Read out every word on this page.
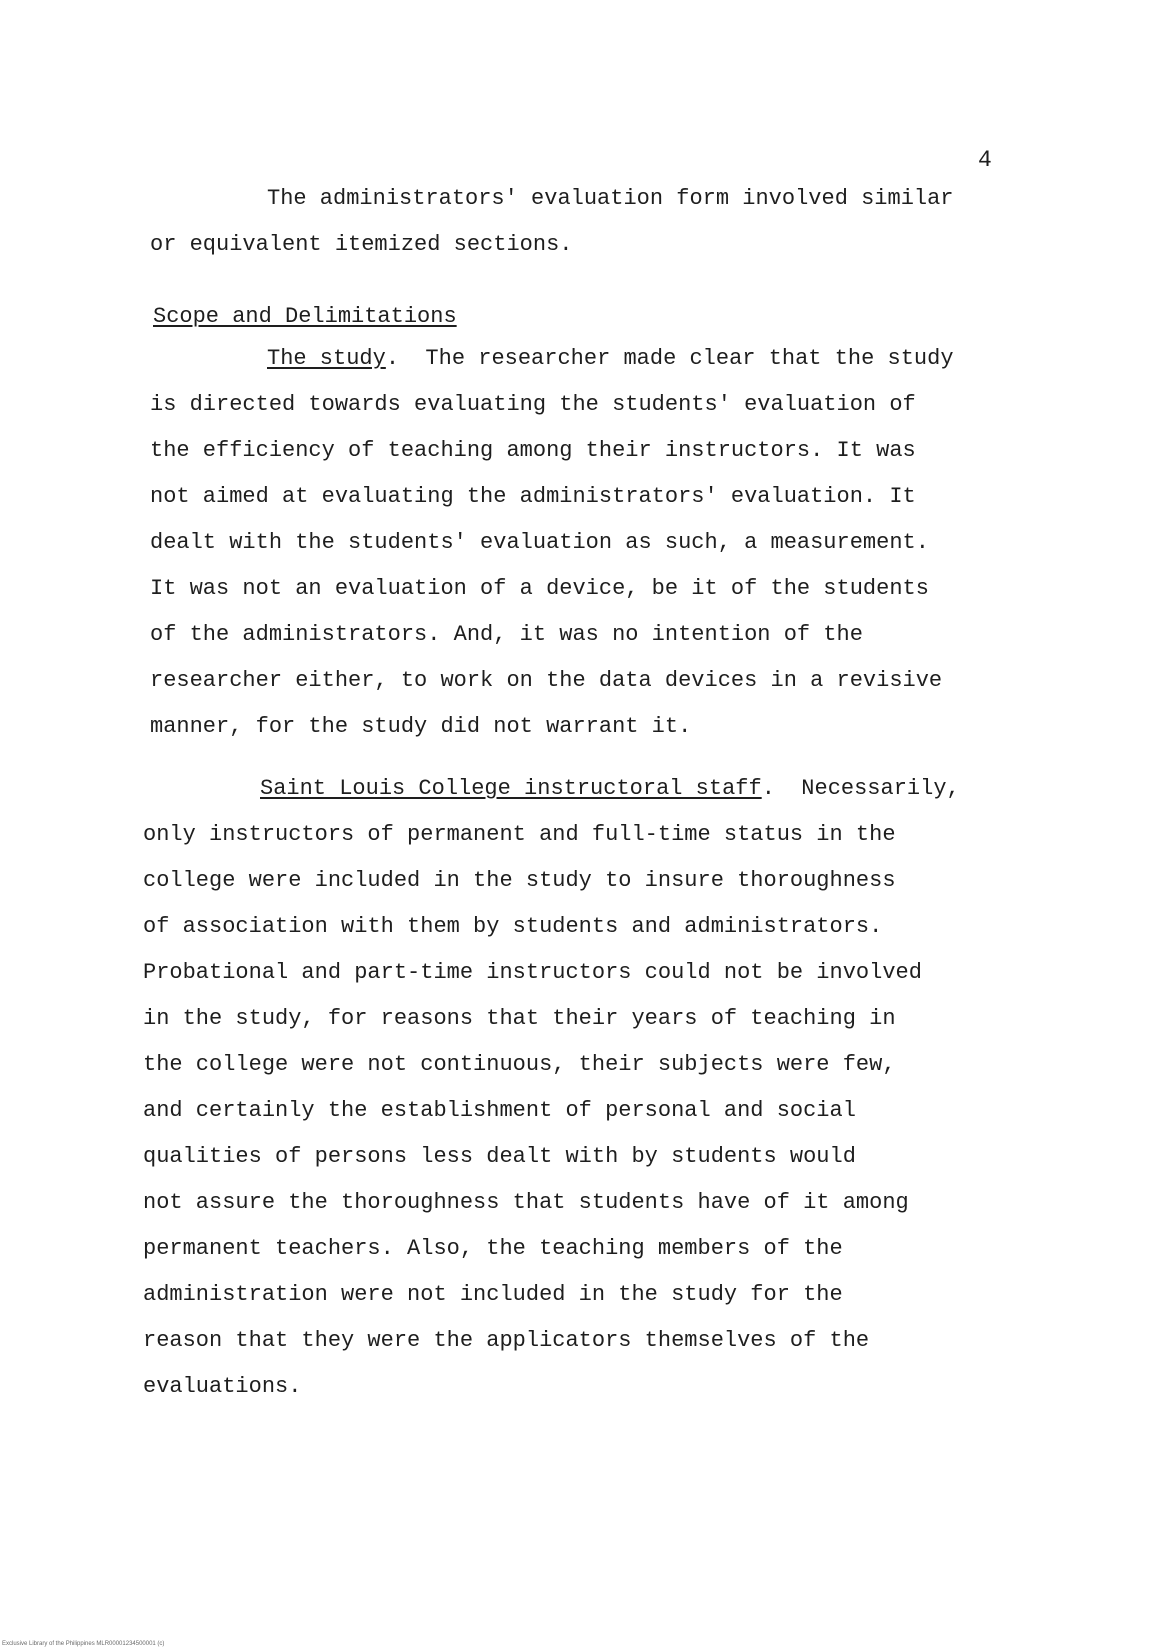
4
The administrators' evaluation form involved similar
or equivalent itemized sections.
Scope and Delimitations
The study.  The researcher made clear that the study
is directed towards evaluating the students' evaluation of
the efficiency of teaching among their instructors. It was
not aimed at evaluating the administrators' evaluation. It
dealt with the students' evaluation as such, a measurement.
It was not an evaluation of a device, be it of the students
of the administrators. And, it was no intention of the
researcher either, to work on the data devices in a revisive
manner, for the study did not warrant it.
Saint Louis College instructoral staff.  Necessarily,
only instructors of permanent and full-time status in the
college were included in the study to insure thoroughness
of association with them by students and administrators.
Probational and part-time instructors could not be involved
in the study, for reasons that their years of teaching in
the college were not continuous, their subjects were few,
and certainly the establishment of personal and social
qualities of persons less dealt with by students would
not assure the thoroughness that students have of it among
permanent teachers. Also, the teaching members of the
administration were not included in the study for the
reason that they were the applicators themselves of the
evaluations.
Exclusive Library of the Philippines MLR00001234500001 (c)
